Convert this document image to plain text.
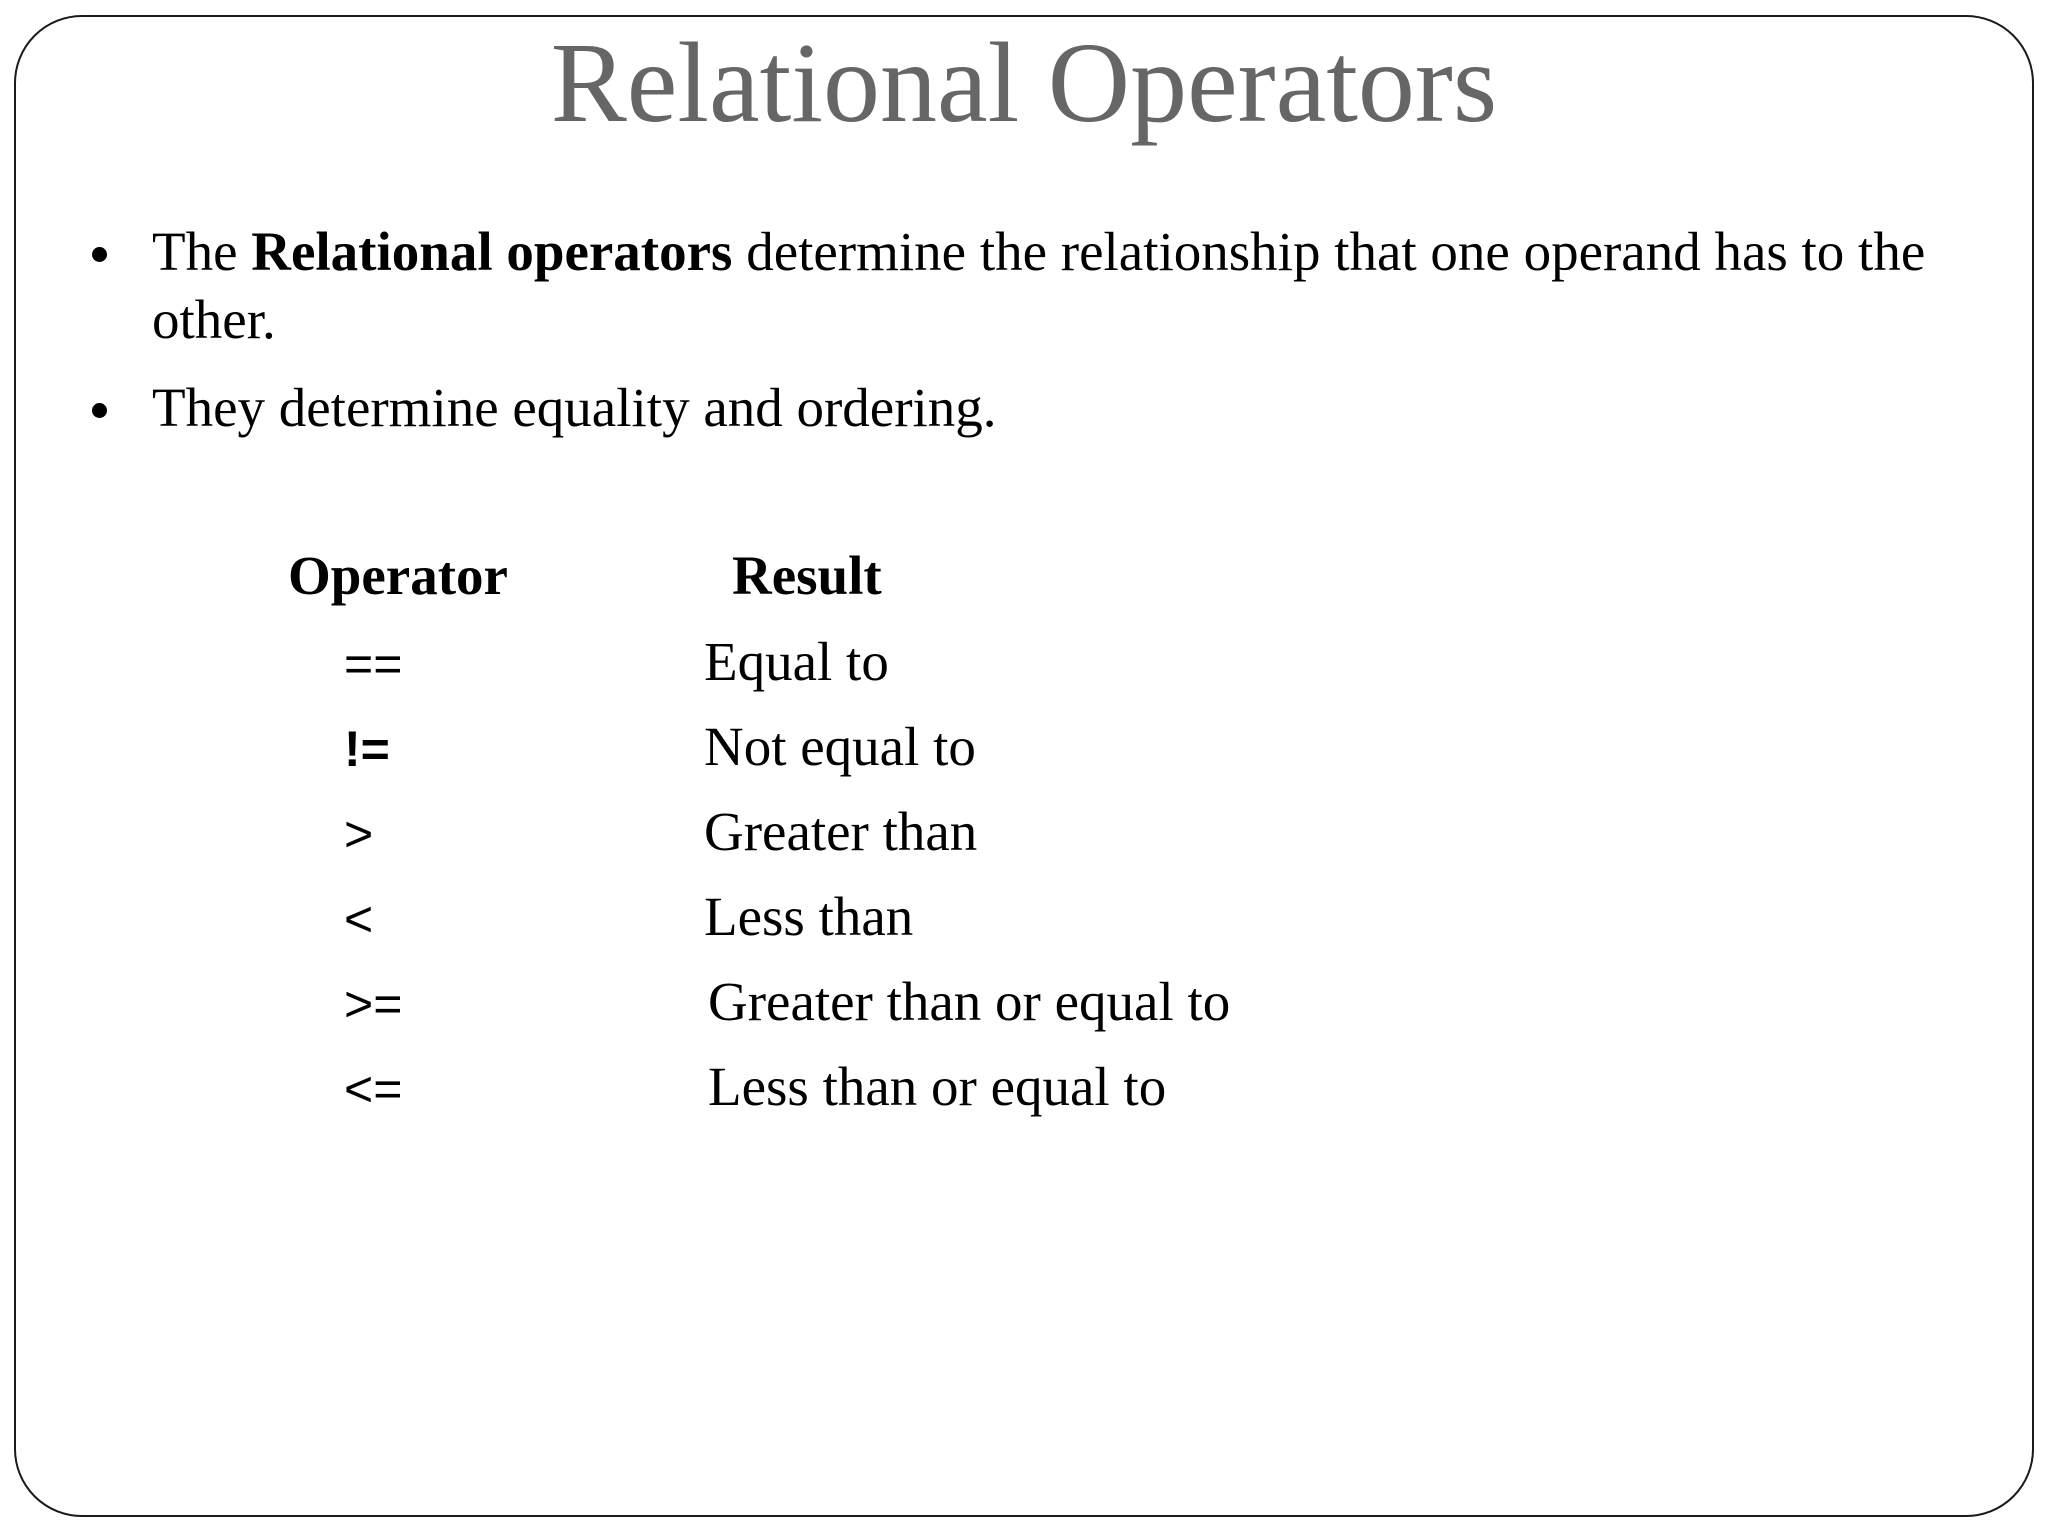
Relational Operators
The Relational operators determine the relationship that one operand has to the other.
They determine equality and ordering.
Operator	Result
==	Equal to
!=	Not equal to
>	Greater than
<	Less than
>=	Greater than or equal to
<=	Less than or equal to
